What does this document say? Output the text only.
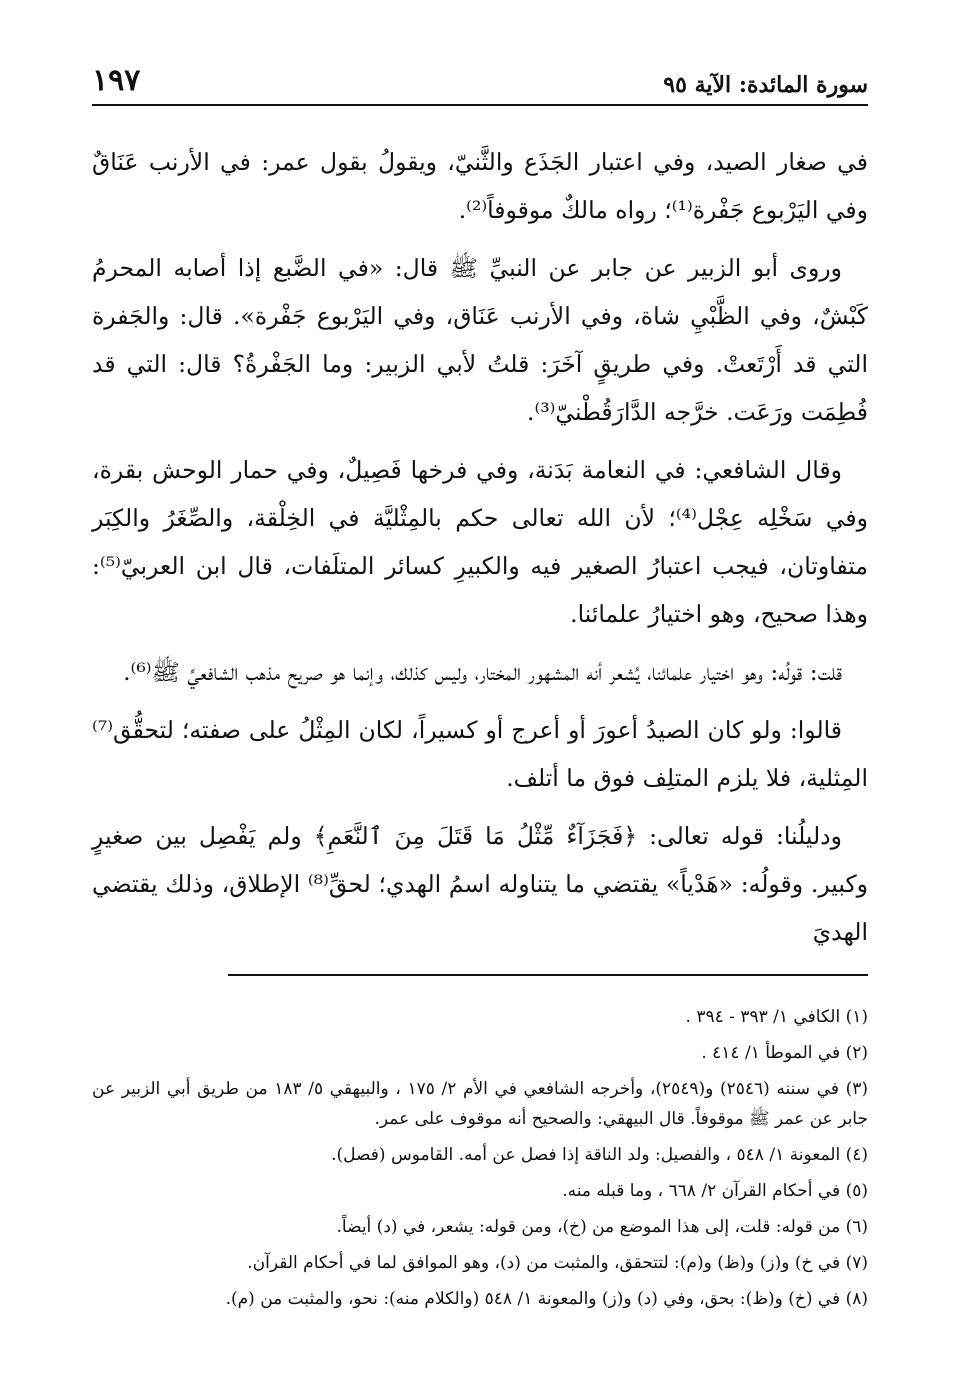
سورة المائدة: الآية ٩٥
١٩٧

في صغار الصيد، وفي اعتبار الجَذَع والثَّنيّ، ويقولُ بقول عمر: في الأرنب عَنَاقٌ وفي اليَرْبوع جَفْرة⁽¹⁾؛ رواه مالكٌ موقوفاً⁽²⁾.

وروى أبو الزبير عن جابر عن النبيِّ ﷺ قال: «في الضَّبع إذا أصابه المحرمُ كَبْشٌ، وفي الظَّبْيِ شاة، وفي الأرنب عَنَاق، وفي اليَرْبوع جَفْرة». قال: والجَفرة التي قد أَرْتَعتْ. وفي طريقٍ آخَرَ: قلتُ لأبي الزبير: وما الجَفْرةُ؟ قال: التي قد فُطِمَت ورَعَت. خرَّجه الدَّارَقُطْنيّ⁽³⁾.

وقال الشافعي: في النعامة بَدَنة، وفي فرخها فَصِيلٌ، وفي حمار الوحش بقرة، وفي سَخْلِه عِجْل⁽⁴⁾؛ لأن الله تعالى حكم بالمِثْليَّة في الخِلْقة، والصِّغَرُ والكِبَر متفاوتان، فيجب اعتبارُ الصغير فيه والكبيرِ كسائر المتلَفات، قال ابن العربيّ⁽⁵⁾: وهذا صحيح، وهو اختيارُ علمائنا.

قلت: قولُه: وهو اختيار علمائنا، يُشعر أنه المشهور المختار، وليس كذلك، وإنما هو صريح مذهب الشافعيِّ ﷺ⁽⁶⁾.

قالوا: ولو كان الصيدُ أعورَ أو أعرج أو كسيراً، لكان المِثْلُ على صفته؛ لتحقُّق⁽⁷⁾ المِثلية، فلا يلزم المتلِف فوق ما أتلف.

ودليلُنا: قوله تعالى: ﴿فَجَزَآءٌ مِّثْلُ مَا قَتَلَ مِنَ ٱلنَّعَمِ﴾ ولم يَفْصِل بين صغيرٍ وكبير. وقولُه: «هَدْياً» يقتضي ما يتناوله اسمُ الهدي؛ لحقِّ⁽⁸⁾ الإطلاق، وذلك يقتضي الهديَ

(١) الكافي ١/ ٣٩٣ - ٣٩٤ .

(٢) في الموطأ ١/ ٤١٤ .

(٣) في سننه (٢٥٤٦) و(٢٥٤٩)، وأخرجه الشافعي في الأم ٢/ ١٧٥ ، والبيهقي ٥/ ١٨٣ من طريق أبي الزبير عن جابر عن عمر ﷺ موقوفاً. قال البيهقي: والصحيح أنه موقوف على عمر.

(٤) المعونة ١/ ٥٤٨ ، والفصيل: ولد الناقة إذا فصل عن أمه. القاموس (فصل).

(٥) في أحكام القرآن ٢/ ٦٦٨ ، وما قبله منه.

(٦) من قوله: قلت، إلى هذا الموضع من (خ)، ومن قوله: يشعر، في (د) أيضاً.

(٧) في خ) و(ز) و(ظ) و(م): لتتحقق، والمثبت من (د)، وهو الموافق لما في أحكام القرآن.

(٨) في (خ) و(ظ): بحق، وفي (د) و(ز) والمعونة ١/ ٥٤٨ (والكلام منه): نحو، والمثبت من (م).
